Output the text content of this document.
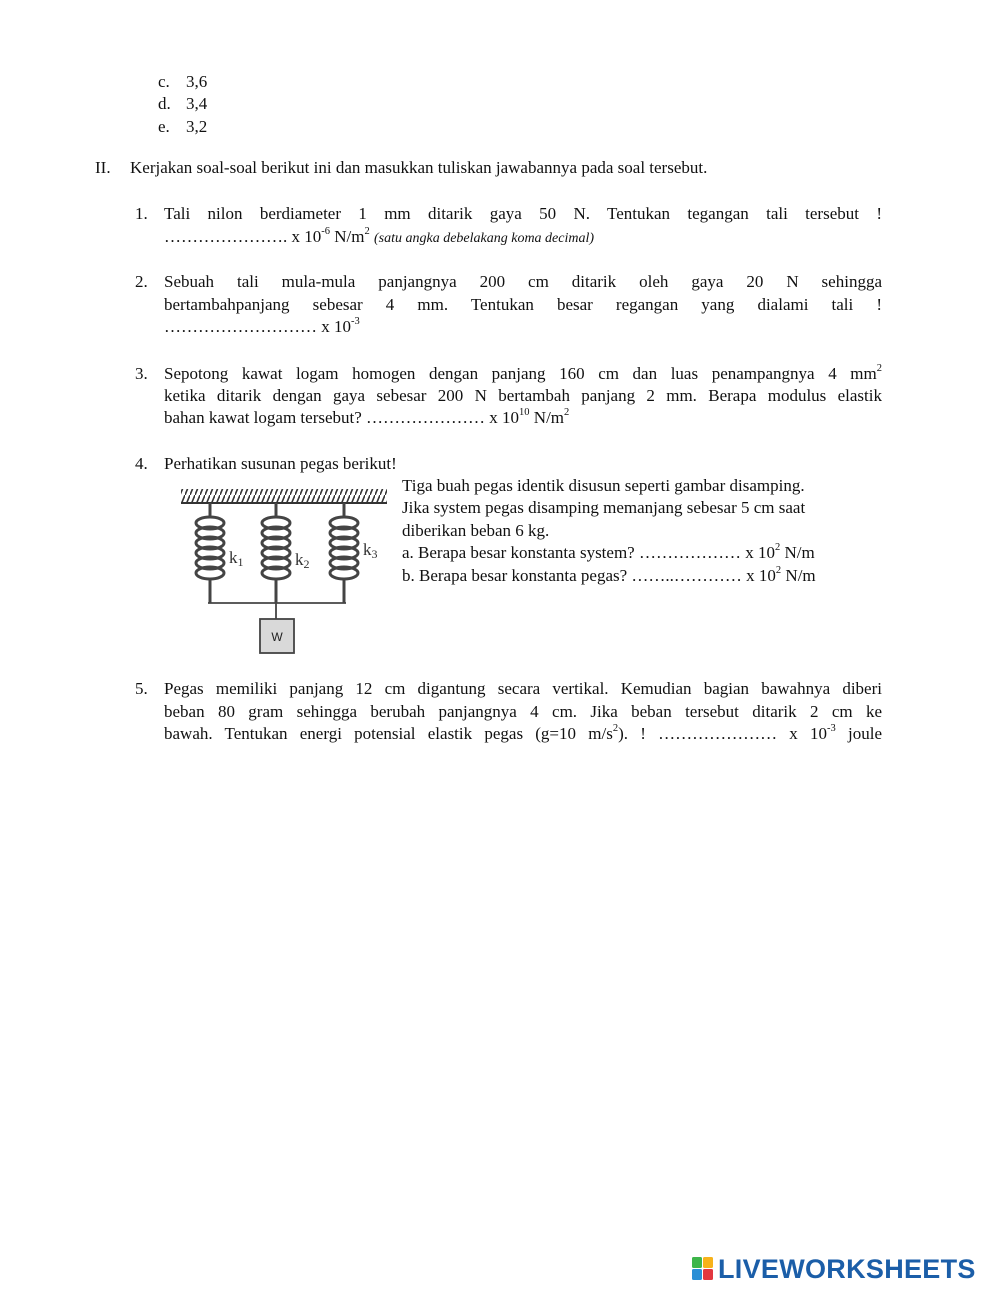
c. 3,6
d. 3,4
e. 3,2
II. Kerjakan soal-soal berikut ini dan masukkan tuliskan jawabannya pada soal tersebut.
1. Tali nilon berdiameter 1 mm ditarik gaya 50 N. Tentukan tegangan tali tersebut !
…………………. x $10^{-6}$ $N/m^2$ (satu angka debelakang koma decimal)
2. Sebuah tali mula-mula panjangnya 200 cm ditarik oleh gaya 20 N sehingga
bertambahpanjang sebesar 4 mm. Tentukan besar regangan yang dialami tali !
……………………… x $10^{-3}$
3. Sepotong kawat logam homogen dengan panjang 160 cm dan luas penampangnya 4 $mm^2$
ketika ditarik dengan gaya sebesar 200 N bertambah panjang 2 mm. Berapa modulus elastik
bahan kawat logam tersebut? ………………… x $10^{10}$ $N/m^2$
4. Perhatikan susunan pegas berikut!
Tiga buah pegas identik disusun seperti gambar disamping.
Jika system pegas disamping memanjang sebesar 5 cm saat
diberikan beban 6 kg.
a. Berapa besar konstanta system? ……………… x $10^2$ N/m
b. Berapa besar konstanta pegas? ……..………… x $10^2$ N/m
W
k1	k2
k3
5. Pegas memiliki panjang 12 cm digantung secara vertikal. Kemudian bagian bawahnya diberi
beban 80 gram sehingga berubah panjangnya 4 cm. Jika beban tersebut ditarik 2 cm ke
bawah. Tentukan energi potensial elastik pegas (g=10 $m/s^2$). ! ………………… x $10^{-3}$ joule
LIVEWORKSHEETS
